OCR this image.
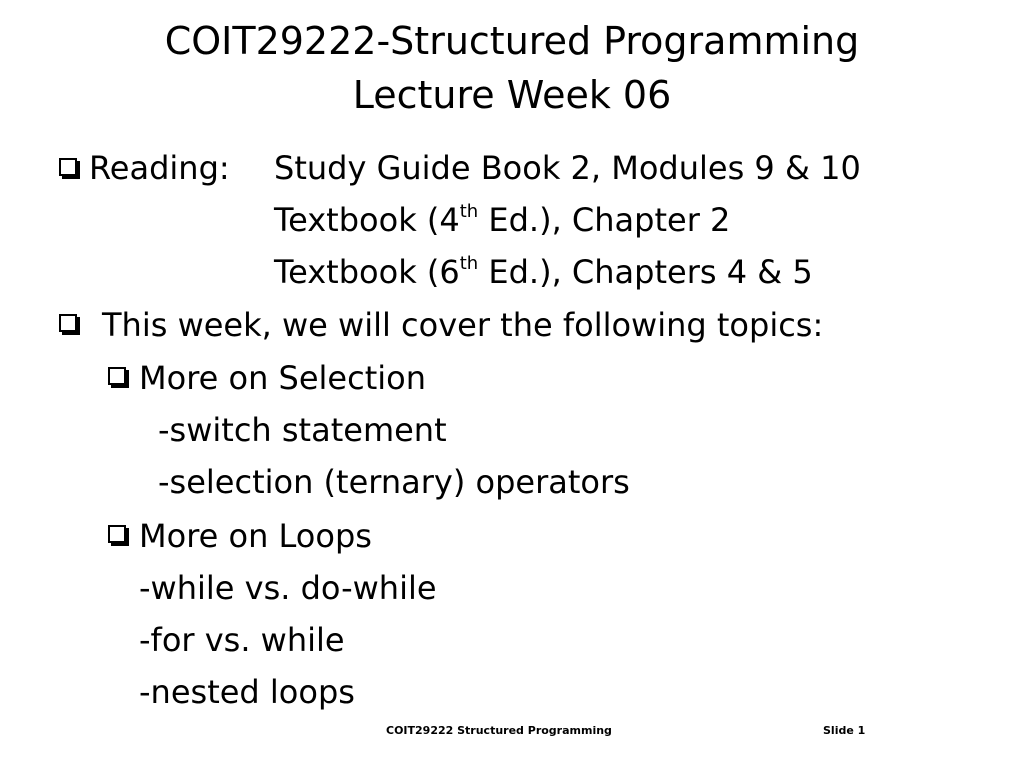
COIT29222-Structured Programming
Lecture Week 06
Reading: Study Guide Book 2, Modules 9 & 10
Textbook (4th Ed.), Chapter 2
Textbook (6th Ed.), Chapters 4 & 5
This week, we will cover the following topics:
More on Selection
-switch statement
-selection (ternary) operators
More on Loops
-while vs. do-while
-for vs. while
-nested loops
COIT29222 Structured Programming	Slide 1
